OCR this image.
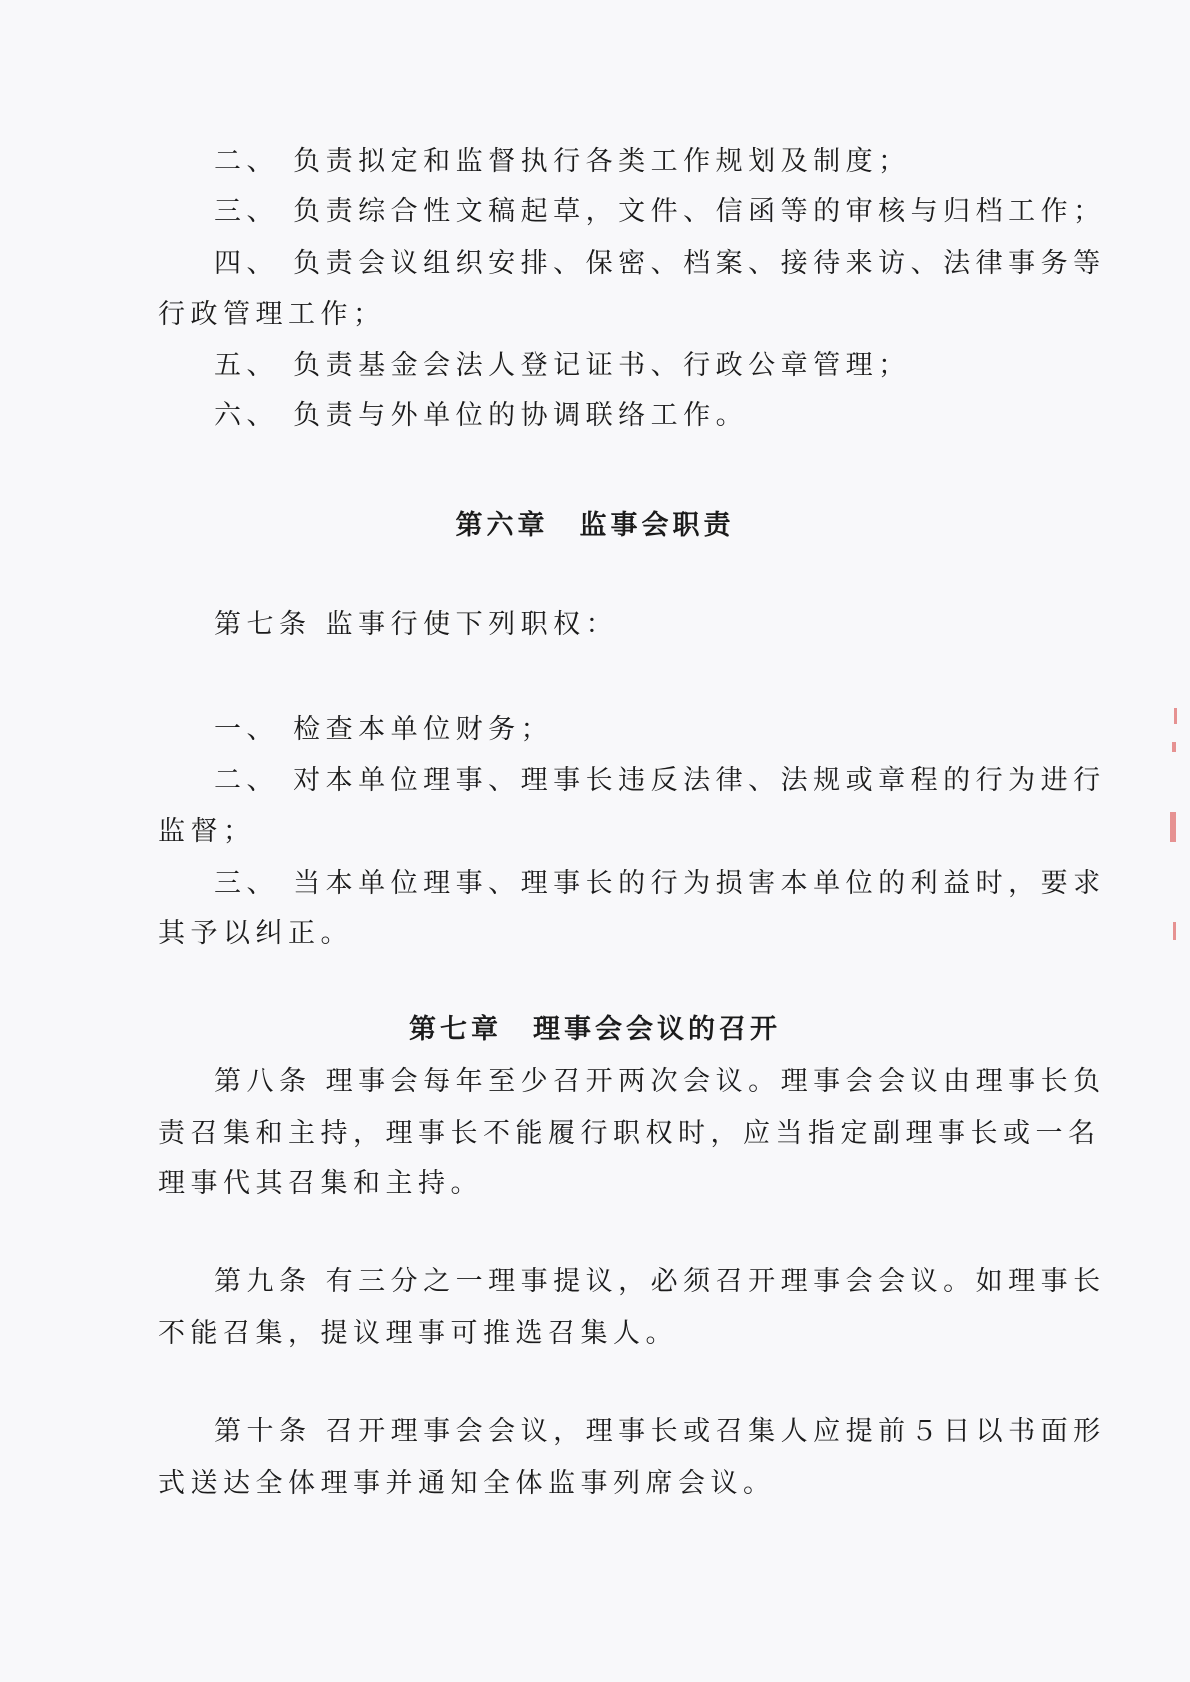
二、 负责拟定和监督执行各类工作规划及制度；

三、 负责综合性文稿起草，文件、信函等的审核与归档工作；

四、 负责会议组织安排、保密、档案、接待来访、法律事务等

行政管理工作；

五、 负责基金会法人登记证书、行政公章管理；

六、 负责与外单位的协调联络工作。

第六章　监事会职责

第七条 监事行使下列职权：

一、 检查本单位财务；

二、 对本单位理事、理事长违反法律、法规或章程的行为进行

监督；

三、 当本单位理事、理事长的行为损害本单位的利益时，要求

其予以纠正。

第七章　理事会会议的召开

第八条 理事会每年至少召开两次会议。理事会会议由理事长负

责召集和主持，理事长不能履行职权时，应当指定副理事长或一名

理事代其召集和主持。

第九条 有三分之一理事提议，必须召开理事会会议。如理事长

不能召集，提议理事可推选召集人。

第十条 召开理事会会议，理事长或召集人应提前５日以书面形

式送达全体理事并通知全体监事列席会议。
